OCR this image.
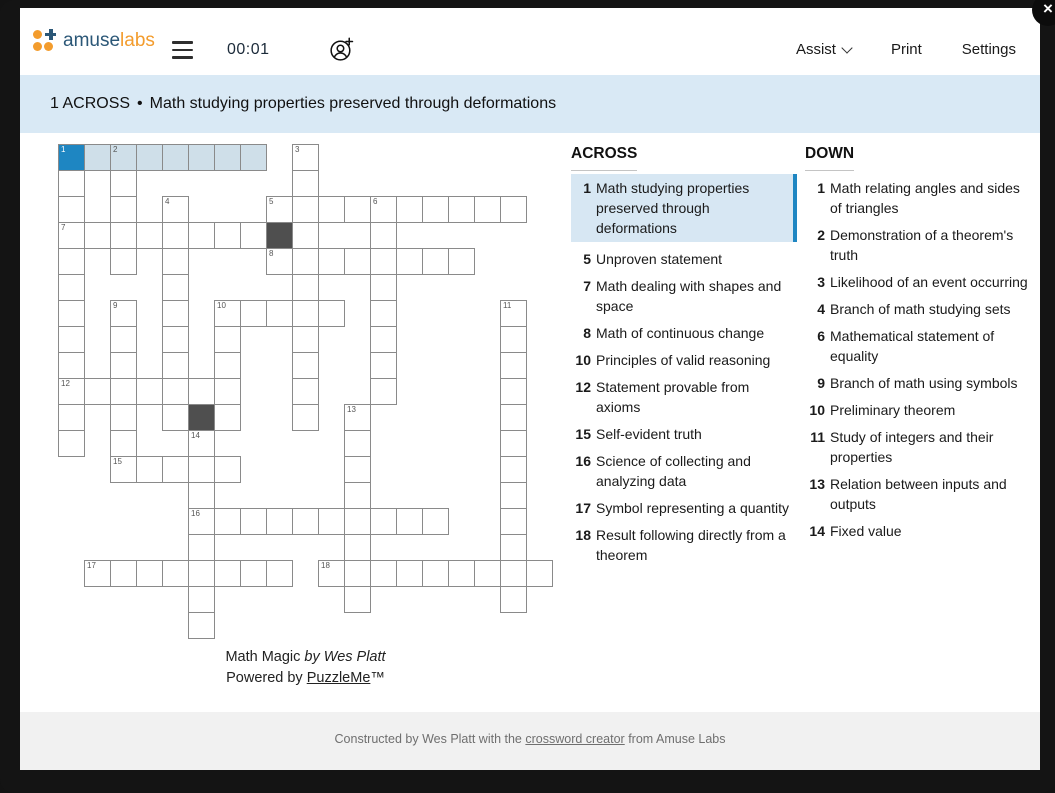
amuselabs	00:01	Assist	Print	Settings
1 ACROSS • Math studying properties preserved through deformations
1	2	3
4	5	6
7
8
9	10	11
12
13
14
15
16
17	18
Math Magic by Wes Platt
Powered by PuzzleMe™
ACROSS
1 Math studying properties preserved through deformations
5 Unproven statement
7 Math dealing with shapes and space
8 Math of continuous change
10 Principles of valid reasoning
12 Statement provable from axioms
15 Self-evident truth
16 Science of collecting and analyzing data
17 Symbol representing a quantity
18 Result following directly from a theorem
DOWN
1 Math relating angles and sides of triangles
2 Demonstration of a theorem's truth
3 Likelihood of an event occurring
4 Branch of math studying sets
6 Mathematical statement of equality
9 Branch of math using symbols
10 Preliminary theorem
11 Study of integers and their properties
13 Relation between inputs and outputs
14 Fixed value
Constructed by Wes Platt with the crossword creator from Amuse Labs
×
